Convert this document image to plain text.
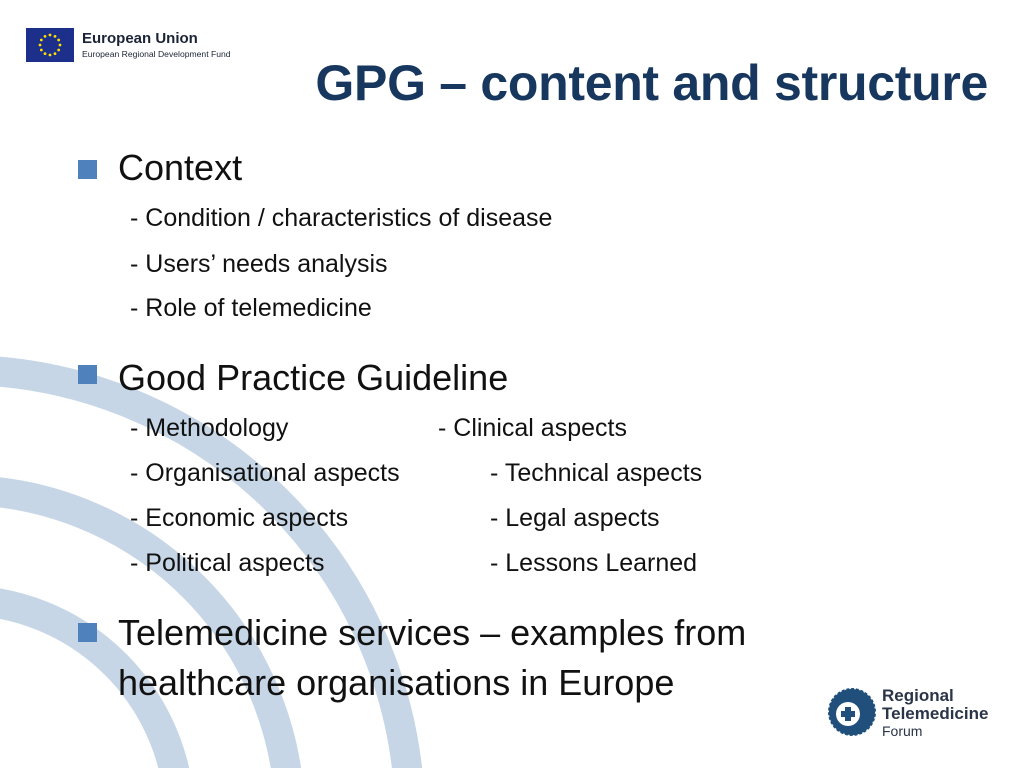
European Union
European Regional Development Fund
GPG – content and structure
Context
- Condition / characteristics of disease
- Users’ needs analysis
- Role of telemedicine
Good Practice Guideline
- Methodology	- Clinical aspects
- Organisational aspects	- Technical aspects
- Economic aspects	- Legal aspects
- Political aspects	- Lessons Learned
Telemedicine services – examples from
healthcare organisations in Europe	Regional
Telemedicine
Forum
